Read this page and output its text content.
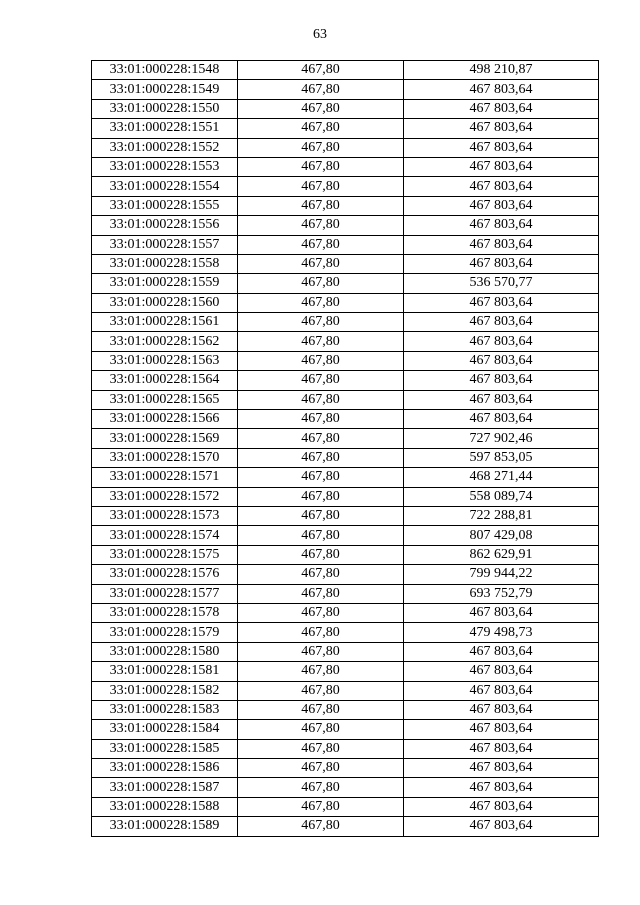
63
33:01:000228:1548	467,80	498 210,87
33:01:000228:1549	467,80	467 803,64
33:01:000228:1550	467,80	467 803,64
33:01:000228:1551	467,80	467 803,64
33:01:000228:1552	467,80	467 803,64
33:01:000228:1553	467,80	467 803,64
33:01:000228:1554	467,80	467 803,64
33:01:000228:1555	467,80	467 803,64
33:01:000228:1556	467,80	467 803,64
33:01:000228:1557	467,80	467 803,64
33:01:000228:1558	467,80	467 803,64
33:01:000228:1559	467,80	536 570,77
33:01:000228:1560	467,80	467 803,64
33:01:000228:1561	467,80	467 803,64
33:01:000228:1562	467,80	467 803,64
33:01:000228:1563	467,80	467 803,64
33:01:000228:1564	467,80	467 803,64
33:01:000228:1565	467,80	467 803,64
33:01:000228:1566	467,80	467 803,64
33:01:000228:1569	467,80	727 902,46
33:01:000228:1570	467,80	597 853,05
33:01:000228:1571	467,80	468 271,44
33:01:000228:1572	467,80	558 089,74
33:01:000228:1573	467,80	722 288,81
33:01:000228:1574	467,80	807 429,08
33:01:000228:1575	467,80	862 629,91
33:01:000228:1576	467,80	799 944,22
33:01:000228:1577	467,80	693 752,79
33:01:000228:1578	467,80	467 803,64
33:01:000228:1579	467,80	479 498,73
33:01:000228:1580	467,80	467 803,64
33:01:000228:1581	467,80	467 803,64
33:01:000228:1582	467,80	467 803,64
33:01:000228:1583	467,80	467 803,64
33:01:000228:1584	467,80	467 803,64
33:01:000228:1585	467,80	467 803,64
33:01:000228:1586	467,80	467 803,64
33:01:000228:1587	467,80	467 803,64
33:01:000228:1588	467,80	467 803,64
33:01:000228:1589	467,80	467 803,64
